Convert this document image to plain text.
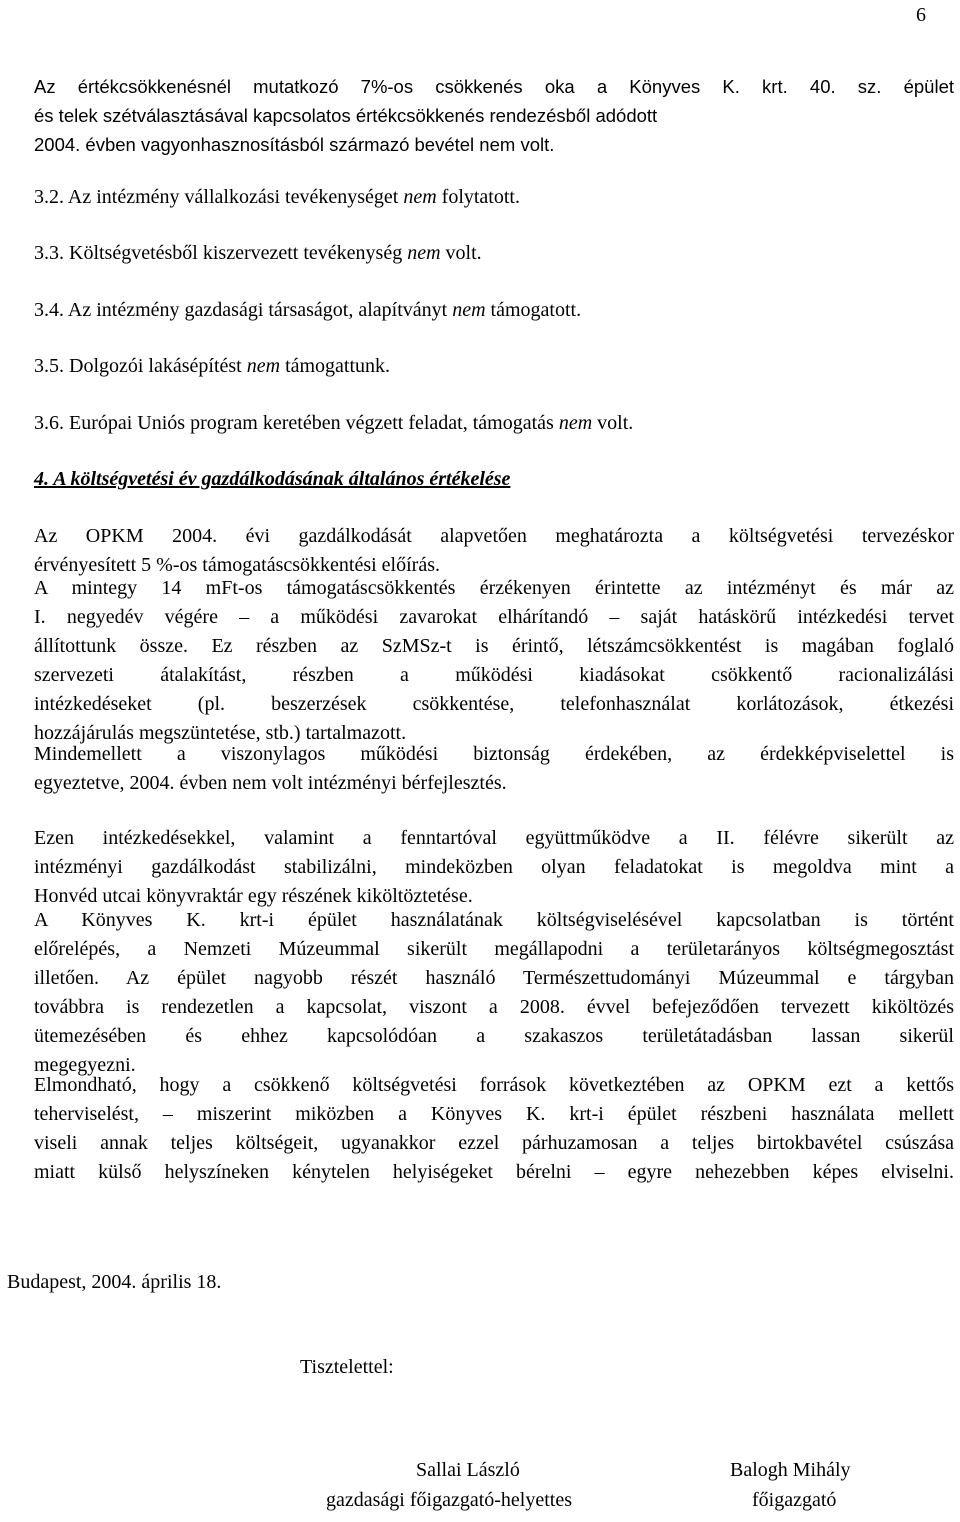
6
Az értékcsökkenésnél mutatkozó 7%-os csökkenés oka a Könyves K. krt. 40. sz. épület
és telek szétválasztásával kapcsolatos értékcsökkenés rendezésből adódott
2004. évben vagyonhasznosításból származó bevétel nem volt.
3.2. Az intézmény vállalkozási tevékenységet nem folytatott.
3.3. Költségvetésből kiszervezett tevékenység nem volt.
3.4. Az intézmény gazdasági társaságot, alapítványt nem támogatott.
3.5. Dolgozói lakásépítést nem támogattunk.
3.6. Európai Uniós program keretében végzett feladat, támogatás nem volt.
4. A költségvetési év gazdálkodásának általános értékelése
Az OPKM 2004. évi gazdálkodását alapvetően meghatározta a költségvetési tervezéskor
érvényesített 5 %-os támogatáscsökkentési előírás.
A mintegy 14 mFt-os támogatáscsökkentés érzékenyen érintette az intézményt és már az
I. negyedév végére – a működési zavarokat elhárítandó – saját hatáskörű intézkedési tervet
állítottunk össze. Ez részben az SzMSz-t is érintő, létszámcsökkentést is magában foglaló
szervezeti átalakítást, részben a működési kiadásokat csökkentő racionalizálási
intézkedéseket (pl. beszerzések csökkentése, telefonhasználat korlátozások, étkezési
hozzájárulás megszüntetése, stb.) tartalmazott.
Mindemellett a viszonylagos működési biztonság érdekében, az érdekképviselettel is
egyeztetve, 2004. évben nem volt intézményi bérfejlesztés.
Ezen intézkedésekkel, valamint a fenntartóval együttműködve a II. félévre sikerült az
intézményi gazdálkodást stabilizálni, mindeközben olyan feladatokat is megoldva mint a
Honvéd utcai könyvraktár egy részének kiköltöztetése.
A Könyves K. krt-i épület használatának költségviselésével kapcsolatban is történt
előrelépés, a Nemzeti Múzeummal sikerült megállapodni a területarányos költségmegosztást
illetően. Az épület nagyobb részét használó Természettudományi Múzeummal e tárgyban
továbbra is rendezetlen a kapcsolat, viszont a 2008. évvel befejeződően tervezett kiköltözés
ütemezésében és ehhez kapcsolódóan a szakaszos területátadásban lassan sikerül
megegyezni.
Elmondható, hogy a csökkenő költségvetési források következtében az OPKM ezt a kettős
teherviselést, – miszerint miközben a Könyves K. krt-i épület részbeni használata mellett
viseli annak teljes költségeit, ugyanakkor ezzel párhuzamosan a teljes birtokbavétel csúszása
miatt külső helyszíneken kénytelen helyiségeket bérelni – egyre nehezebben képes elviselni.
Budapest, 2004. április 18.
Tisztelettel:
Sallai László
gazdasági főigazgató-helyettes
Balogh Mihály
főigazgató
